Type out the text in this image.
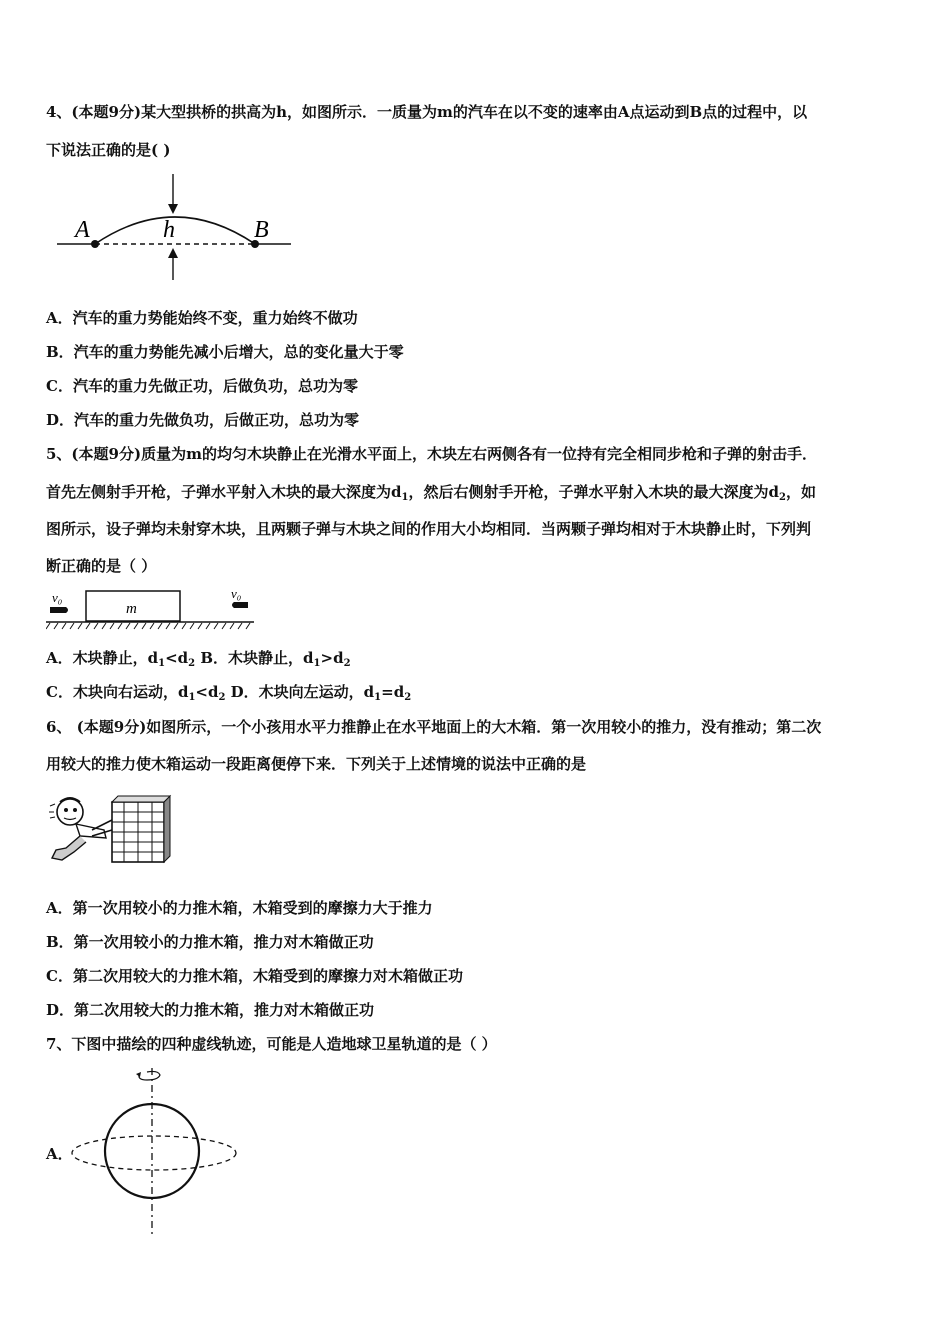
4、(本题9分)某大型拱桥的拱高为h，如图所示．一质量为m的汽车在以不变的速率由A点运动到B点的过程中，以
下说法正确的是( )
A	h	B
A．汽车的重力势能始终不变，重力始终不做功
B．汽车的重力势能先减小后增大，总的变化量大于零
C．汽车的重力先做正功，后做负功，总功为零
D．汽车的重力先做负功，后做正功，总功为零
5、(本题9分)质量为m的均匀木块静止在光滑水平面上，木块左右两侧各有一位持有完全相同步枪和子弹的射击手．
首先左侧射手开枪，子弹水平射入木块的最大深度为$d_1$，然后右侧射手开枪，子弹水平射入木块的最大深度为$d_2$，如
图所示，设子弹均未射穿木块，且两颗子弹与木块之间的作用大小均相同．当两颗子弹均相对于木块静止时，下列判
断正确的是（ ）
m
v₀	v₀
A．木块静止，$d_1<d_2$ B．木块静止，$d_1>d_2$
C．木块向右运动，$d_1<d_2$ D．木块向左运动，$d_1=d_2$
6、 (本题9分)如图所示，一个小孩用水平力推静止在水平地面上的大木箱．第一次用较小的推力，没有推动；第二次
用较大的推力使木箱运动一段距离便停下来．下列关于上述情境的说法中正确的是
A．第一次用较小的力推木箱，木箱受到的摩擦力大于推力
B．第一次用较小的力推木箱，推力对木箱做正功
C．第二次用较大的力推木箱，木箱受到的摩擦力对木箱做正功
D．第二次用较大的力推木箱，推力对木箱做正功
7、下图中描绘的四种虚线轨迹，可能是人造地球卫星轨道的是（ ）
A．
